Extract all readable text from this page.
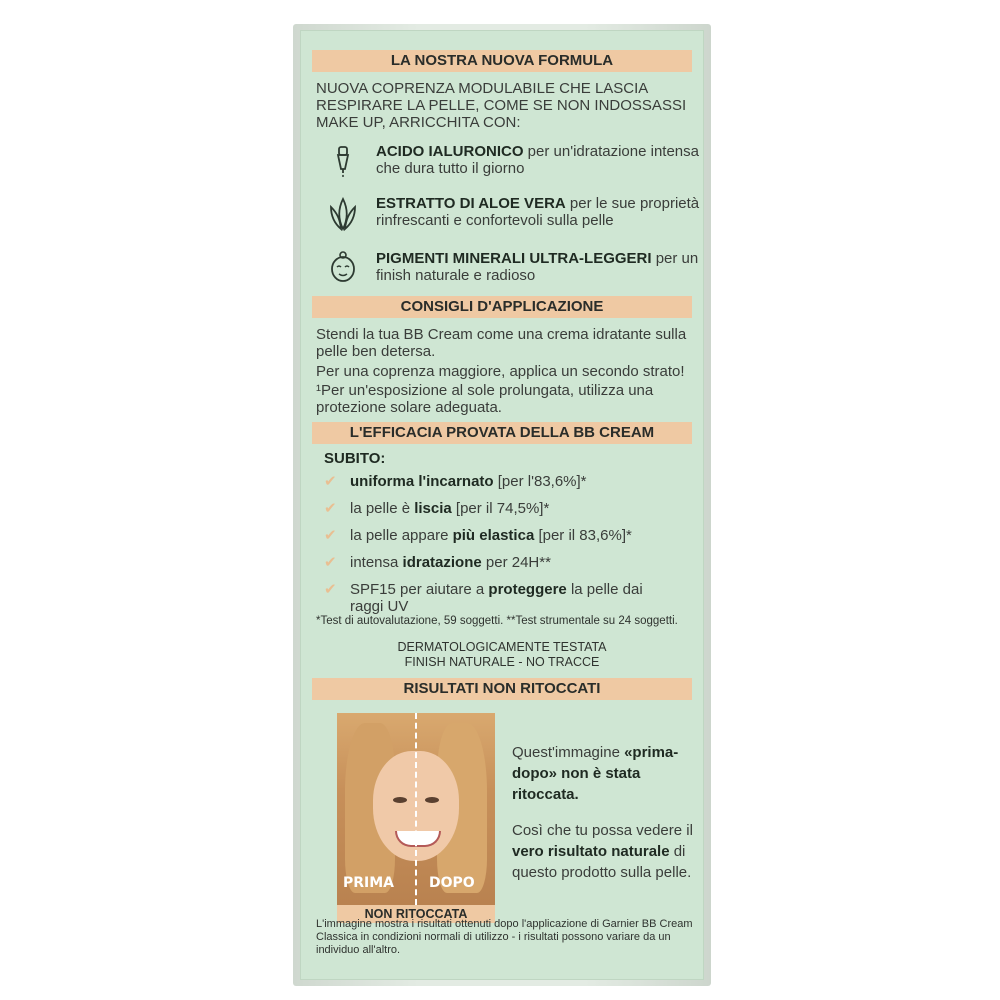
LA NOSTRA NUOVA FORMULA
NUOVA COPRENZA MODULABILE CHE LASCIA RESPIRARE LA PELLE, COME SE NON INDOSSASSI MAKE UP, ARRICCHITA CON:
ACIDO IALURONICO per un'idratazione intensa che dura tutto il giorno
ESTRATTO DI ALOE VERA per le sue proprietà rinfrescanti e confortevoli sulla pelle
PIGMENTI MINERALI ULTRA-LEGGERI per un finish naturale e radioso
CONSIGLI D'APPLICAZIONE
Stendi la tua BB Cream come una crema idratante sulla pelle ben detersa.
Per una coprenza maggiore, applica un secondo strato!
¹Per un'esposizione al sole prolungata, utilizza una protezione solare adeguata.
L'EFFICACIA PROVATA DELLA BB CREAM
SUBITO:
✔ uniforma l'incarnato [per l'83,6%]*
✔ la pelle è liscia [per il 74,5%]*
✔ la pelle appare più elastica [per il 83,6%]*
✔ intensa idratazione per 24H**
✔ SPF15 per aiutare a proteggere la pelle dai raggi UV
*Test di autovalutazione, 59 soggetti. **Test strumentale su 24 soggetti.
DERMATOLOGICAMENTE TESTATA
FINISH NATURALE - NO TRACCE
RISULTATI NON RITOCCATI
PRIMA DOPO
NON RITOCCATA
Quest'immagine «prima-dopo» non è stata ritoccata.
Così che tu possa vedere il vero risultato naturale di questo prodotto sulla pelle.
L'immagine mostra i risultati ottenuti dopo l'applicazione di Garnier BB Cream Classica in condizioni normali di utilizzo - i risultati possono variare da un individuo all'altro.
